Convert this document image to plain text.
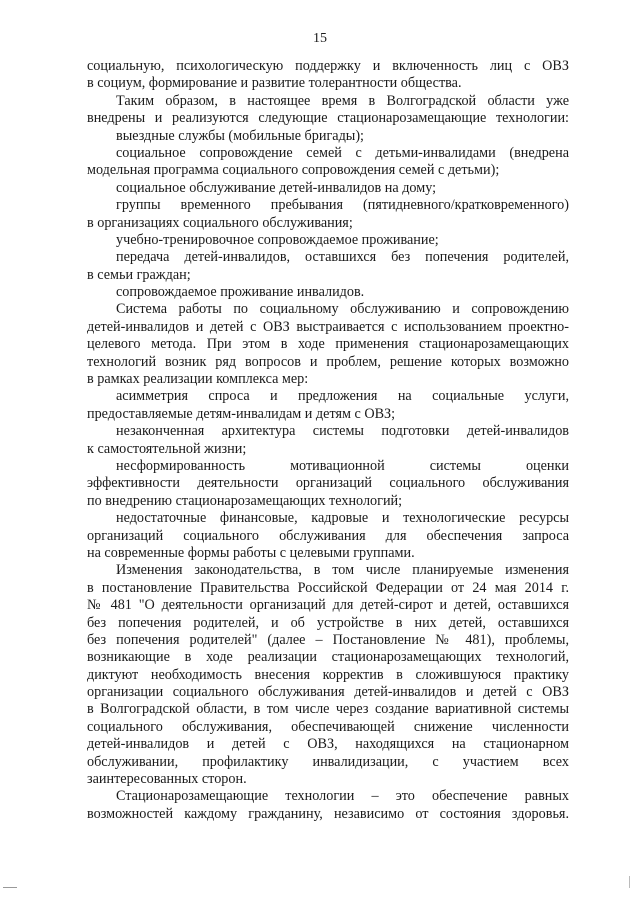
15
социальную, психологическую поддержку и включенность лиц с ОВЗ
в социум, формирование и развитие толерантности общества.
Таким образом, в настоящее время в Волгоградской области уже
внедрены и реализуются следующие стационарозамещающие технологии:
выездные службы (мобильные бригады);
социальное сопровождение семей с детьми-инвалидами (внедрена
модельная программа социального сопровождения семей с детьми);
социальное обслуживание детей-инвалидов на дому;
группы временного пребывания (пятидневного/кратковременного)
в организациях социального обслуживания;
учебно-тренировочное сопровождаемое проживание;
передача детей-инвалидов, оставшихся без попечения родителей,
в семьи граждан;
сопровождаемое проживание инвалидов.
Система работы по социальному обслуживанию и сопровождению
детей-инвалидов и детей с ОВЗ выстраивается с использованием проектно-
целевого метода. При этом в ходе применения стационарозамещающих
технологий возник ряд вопросов и проблем, решение которых возможно
в рамках реализации комплекса мер:
асимметрия спроса и предложения на социальные услуги,
предоставляемые детям-инвалидам и детям с ОВЗ;
незаконченная архитектура системы подготовки детей-инвалидов
к самостоятельной жизни;
несформированность мотивационной системы оценки
эффективности деятельности организаций социального обслуживания
по внедрению стационарозамещающих технологий;
недостаточные финансовые, кадровые и технологические ресурсы
организаций социального обслуживания для обеспечения запроса
на современные формы работы с целевыми группами.
Изменения законодательства, в том числе планируемые изменения
в постановление Правительства Российской Федерации от 24 мая 2014 г.
№ 481 "О деятельности организаций для детей-сирот и детей, оставшихся
без попечения родителей, и об устройстве в них детей, оставшихся
без попечения родителей" (далее – Постановление № 481), проблемы,
возникающие в ходе реализации стационарозамещающих технологий,
диктуют необходимость внесения корректив в сложившуюся практику
организации социального обслуживания детей-инвалидов и детей с ОВЗ
в Волгоградской области, в том числе через создание вариативной системы
социального обслуживания, обеспечивающей снижение численности
детей-инвалидов и детей с ОВЗ, находящихся на стационарном
обслуживании, профилактику инвалидизации, с участием всех
заинтересованных сторон.
Стационарозамещающие технологии – это обеспечение равных
возможностей каждому гражданину, независимо от состояния здоровья.
